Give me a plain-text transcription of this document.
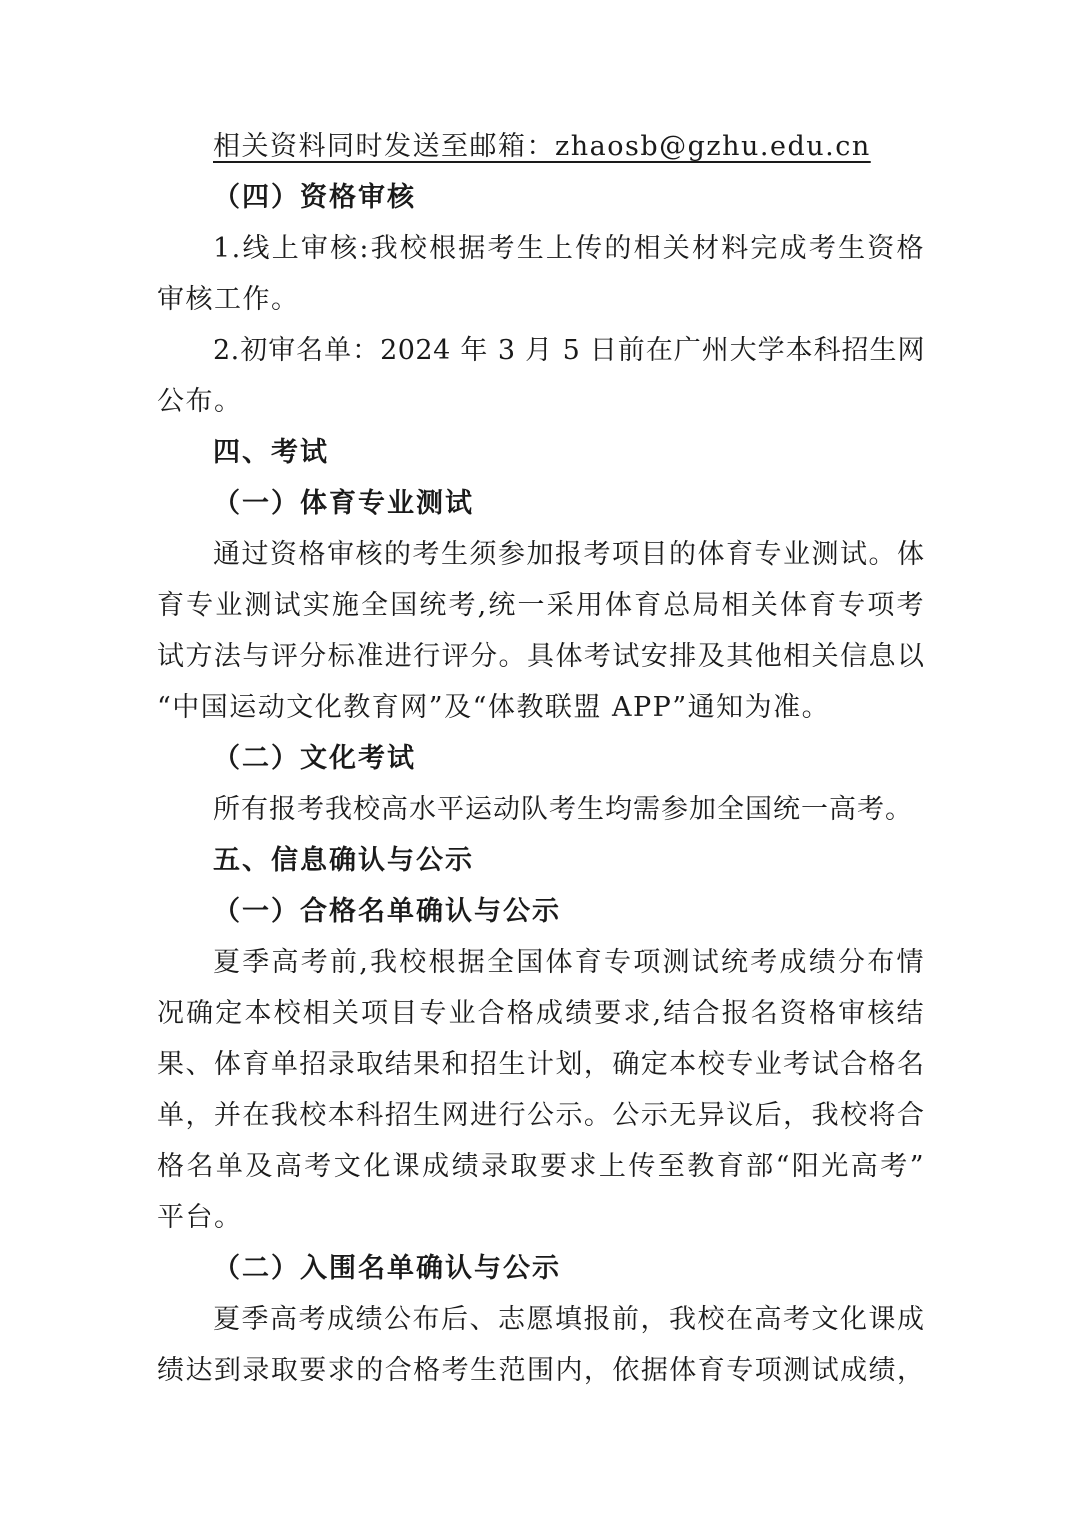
相关资料同时发送至邮箱：zhaosb@gzhu.edu.cn
（四）资格审核
1.线上审核:我校根据考生上传的相关材料完成考生资格
审核工作。
2.初审名单：2024 年 3 月 5 日前在广州大学本科招生网
公布。
四、考试
（一）体育专业测试
通过资格审核的考生须参加报考项目的体育专业测试。体
育专业测试实施全国统考,统一采用体育总局相关体育专项考
试方法与评分标准进行评分。具体考试安排及其他相关信息以
“中国运动文化教育网”及“体教联盟 APP”通知为准。
（二）文化考试
所有报考我校高水平运动队考生均需参加全国统一高考。
五、信息确认与公示
（一）合格名单确认与公示
夏季高考前,我校根据全国体育专项测试统考成绩分布情
况确定本校相关项目专业合格成绩要求,结合报名资格审核结
果、体育单招录取结果和招生计划，确定本校专业考试合格名
单，并在我校本科招生网进行公示。公示无异议后，我校将合
格名单及高考文化课成绩录取要求上传至教育部“阳光高考”
平台。
（二）入围名单确认与公示
夏季高考成绩公布后、志愿填报前，我校在高考文化课成
绩达到录取要求的合格考生范围内，依据体育专项测试成绩，
